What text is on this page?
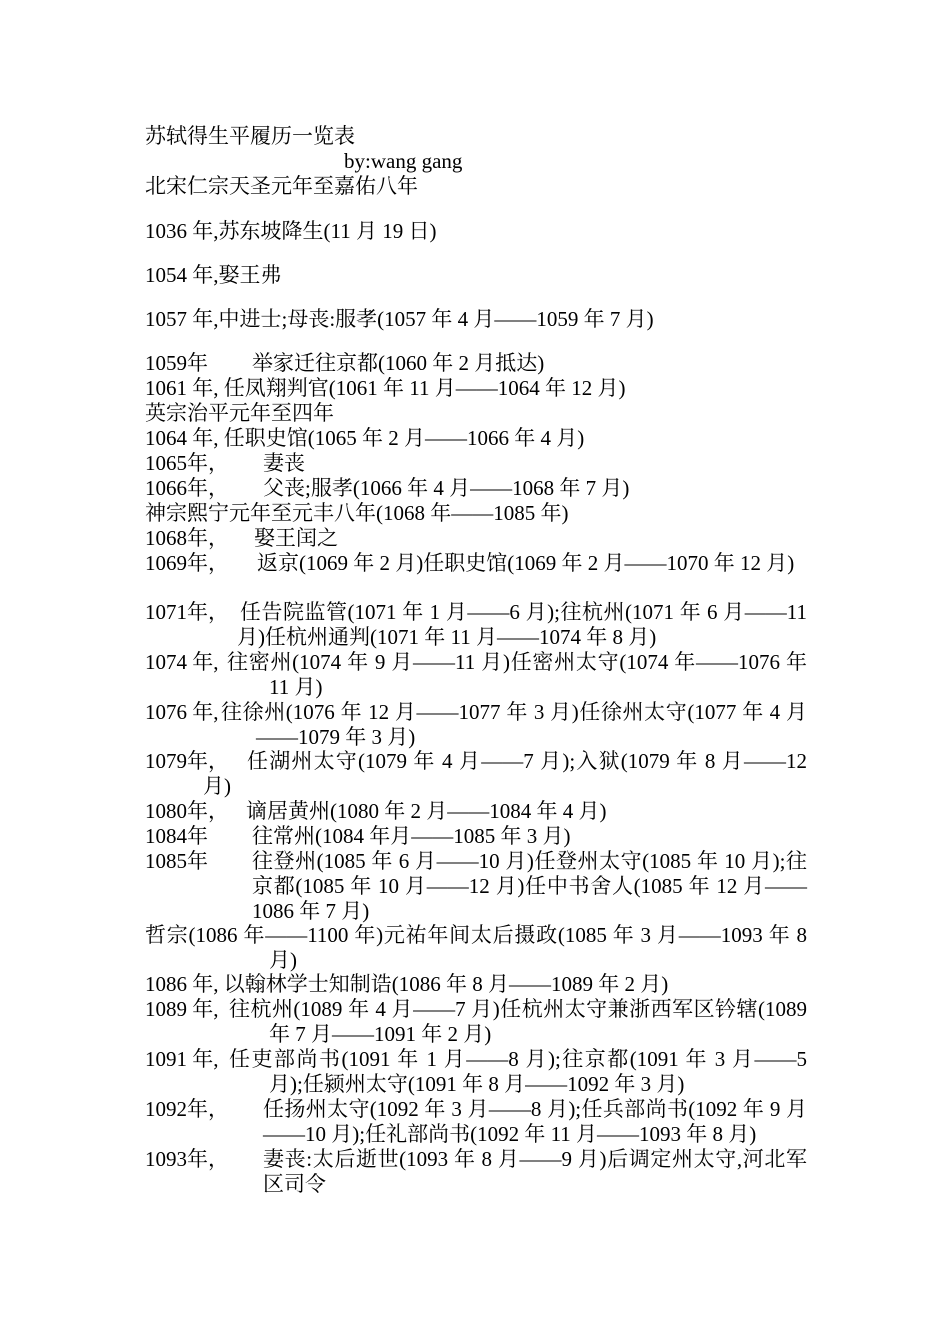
苏轼得生平履历一览表
by:wang gang
北宋仁宗天圣元年至嘉佑八年
1036 年,苏东坡降生(11 月 19 日)
1054 年,娶王弗
1057 年,中进士;母丧:服孝(1057 年 4 月——1059 年 7 月)
1059年 举家迁往京都(1060 年 2 月抵达)
1061 年, 任凤翔判官(1061 年 11 月——1064 年 12 月)
英宗治平元年至四年
1064 年, 任职史馆(1065 年 2 月——1066 年 4 月)
1065年， 妻丧
1066年， 父丧;服孝(1066 年 4 月——1068 年 7 月)
神宗熙宁元年至元丰八年(1068 年——1085 年)
1068年， 娶王闰之
1069年，	返京(1069 年 2 月)任职史馆(1069 年 2 月——1070 年 12 月)
1071年， 任告院监管(1071 年 1 月——6 月);往杭州(1071 年 6 月——11 月)任杭州通判(1071 年 11 月——1074 年 8 月)
1074 年, 往密州(1074 年 9 月——11 月)任密州太守(1074 年——1076 年 11 月)
1076 年, 往徐州(1076 年 12 月——1077 年 3 月)任徐州太守(1077 年 4 月——1079 年 3 月)
1079年， 任湖州太守(1079 年 4 月——7 月);入狱(1079 年 8 月——12 月)
1080年， 谪居黄州(1080 年 2 月——1084 年 4 月)
1084年 往常州(1084 年月——1085 年 3 月)
1085年 往登州(1085 年 6 月——10 月)任登州太守(1085 年 10 月);往京都(1085 年 10 月——12 月)任中书舍人(1085 年 12 月——1086 年 7 月)
哲宗(1086 年——1100 年)元祐年间太后摄政(1085 年 3 月——1093 年 8 月)
1086 年, 以翰林学士知制诰(1086 年 8 月——1089 年 2 月)
1089 年, 往杭州(1089 年 4 月——7 月)任杭州太守兼浙西军区钤辖(1089 年 7 月——1091 年 2 月)
1091 年, 任吏部尚书(1091 年 1 月——8 月);往京都(1091 年 3 月——5 月);任颍州太守(1091 年 8 月——1092 年 3 月)
1092年， 任扬州太守(1092 年 3 月——8 月);任兵部尚书(1092 年 9 月——10 月);任礼部尚书(1092 年 11 月——1093 年 8 月)
1093年， 妻丧:太后逝世(1093 年 8 月——9 月)后调定州太守,河北军区司令
